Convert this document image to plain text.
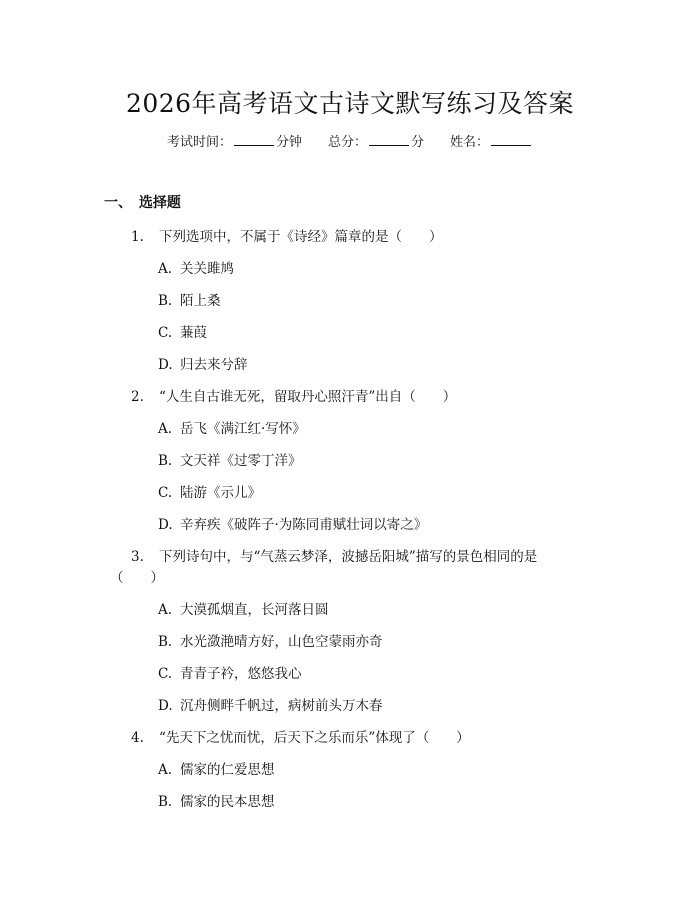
2026年高考语文古诗文默写练习及答案
考试时间：	分钟 总分：	分 姓名：
一、 选择题
1. 下列选项中，不属于《诗经》篇章的是（　　）
A. 关关雎鸠
B. 陌上桑
C. 蒹葭
D. 归去来兮辞
2. “人生自古谁无死，留取丹心照汗青”出自（　　）
A. 岳飞《满江红·写怀》
B. 文天祥《过零丁洋》
C. 陆游《示儿》
D. 辛弃疾《破阵子·为陈同甫赋壮词以寄之》
3. 下列诗句中，与“气蒸云梦泽，波撼岳阳城”描写的景色相同的是
（　　）
A. 大漠孤烟直，长河落日圆
B. 水光潋滟晴方好，山色空蒙雨亦奇
C. 青青子衿，悠悠我心
D. 沉舟侧畔千帆过，病树前头万木春
4. “先天下之忧而忧，后天下之乐而乐”体现了（　　）
A. 儒家的仁爱思想
B. 儒家的民本思想
